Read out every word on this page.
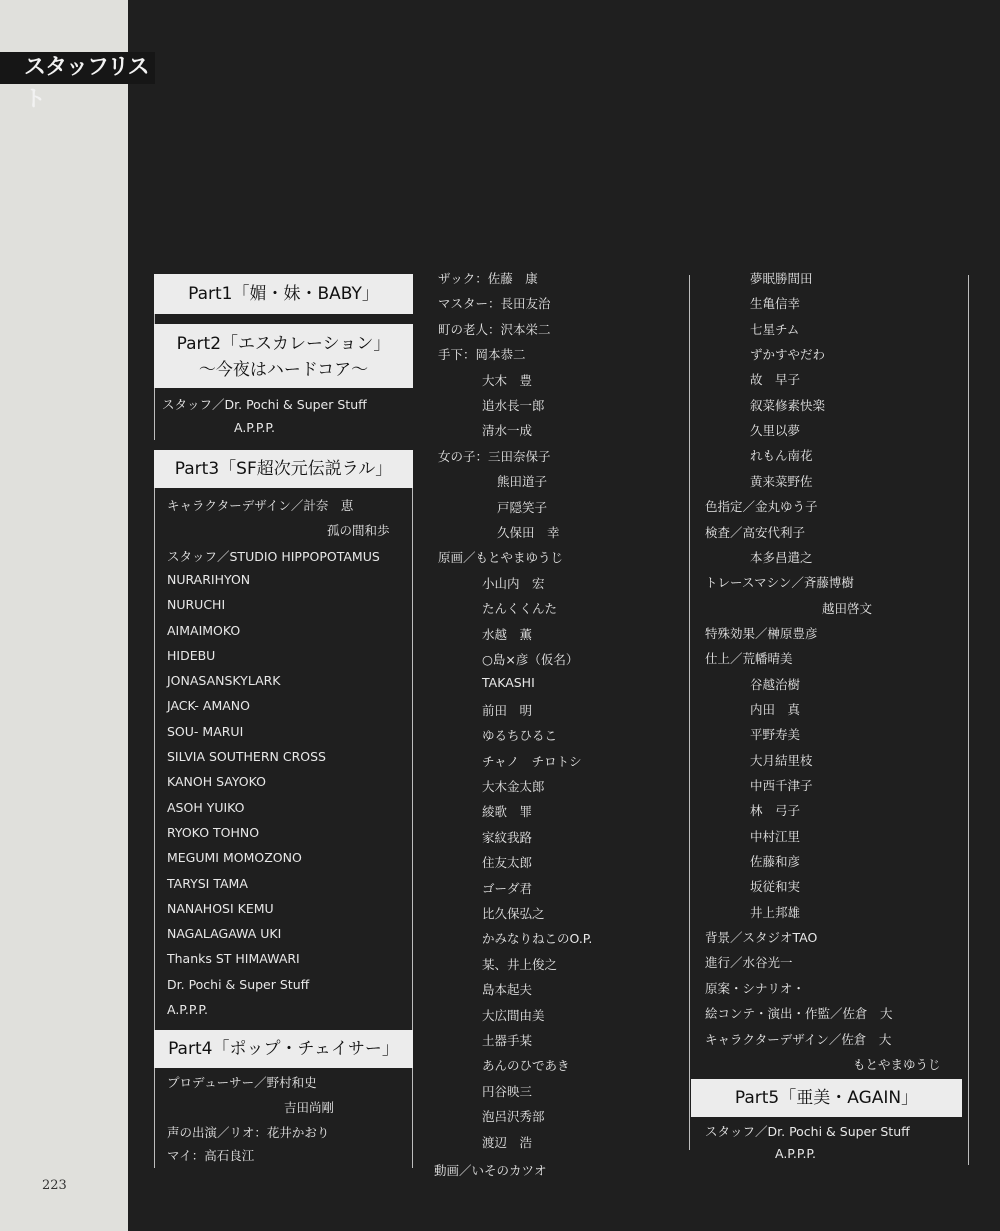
スタッフリスト
223
Part1「媚・妹・BABY」
Part2「エスカレーション」
〜今夜はハードコア〜
スタッフ／Dr. Pochi & Super Stuff
A.P.P.P.
Part3「SF超次元伝説ラル」
キャラクターデザイン／計奈　恵
孤の間和歩
スタッフ／STUDIO HIPPOPOTAMUS
NURARIHYON
NURUCHI
AIMAIMOKO
HIDEBU
JONASANSKYLARK
JACK- AMANO
SOU- MARUI
SILVIA SOUTHERN CROSS
KANOH SAYOKO
ASOH YUIKO
RYOKO TOHNO
MEGUMI MOMOZONO
TARYSI TAMA
NANAHOSI KEMU
NAGALAGAWA UKI
Thanks ST HIMAWARI
Dr. Pochi & Super Stuff
A.P.P.P.
Part4「ポップ・チェイサー」
プロデューサー／野村和史
吉田尚剛
声の出演／リオ：花井かおり
マイ：高石良江
ザック：佐藤　康
マスター：長田友治
町の老人：沢本栄二
手下：岡本恭二
大木　豊
追水長一郎
清水一成
女の子：三田奈保子
熊田道子
戸隠笑子
久保田　幸
原画／もとやまゆうじ
小山内　宏
たんくくんた
水越　薫
○島×彦（仮名）
TAKASHI
前田　明
ゆるちひるこ
チャノ　チロトシ
大木金太郎
綾歌　罪
家紋我路
住友太郎
ゴーダ君
比久保弘之
かみなりねこのO.P.
某、井上俊之
島本起夫
大広間由美
土器手某
あんのひであき
円谷映三
泡呂沢秀部
渡辺　浩
動画／いそのカツオ
夢眠勝間田
生亀信幸
七星チム
ずかすやだわ
故　早子
叙菜修素快楽
久里以夢
れもん南花
黄来菜野佐
色指定／金丸ゆう子
検査／高安代利子
本多昌遣之
トレースマシン／斉藤博樹
越田啓文
特殊効果／榊原豊彦
仕上／荒幡晴美
谷越治樹
内田　真
平野寿美
大月結里枝
中西千津子
林　弓子
中村江里
佐藤和彦
坂従和実
井上邦雄
背景／スタジオTAO
進行／水谷光一
原案・シナリオ・
絵コンテ・演出・作監／佐倉　大
キャラクターデザイン／佐倉　大
もとやまゆうじ
Part5「亜美・AGAIN」
スタッフ／Dr. Pochi & Super Stuff
A.P.P.P.
